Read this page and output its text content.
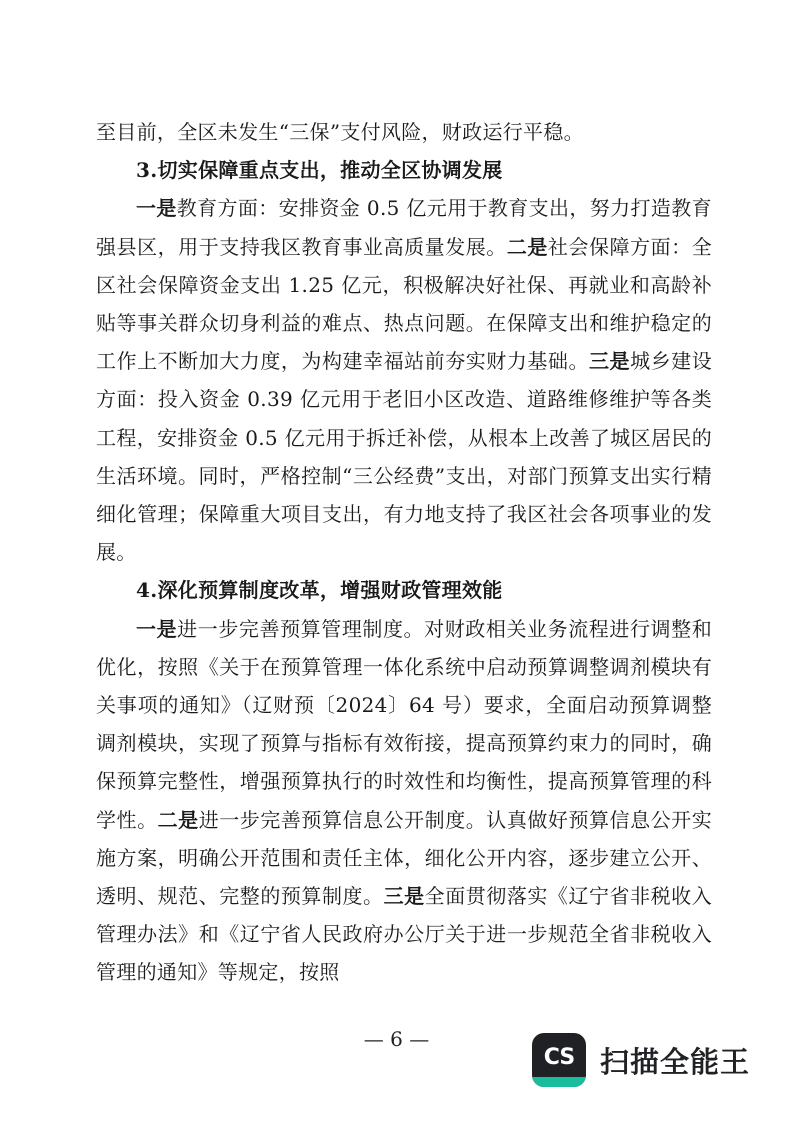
至目前，全区未发生“三保”支付风险，财政运行平稳。

3.切实保障重点支出，推动全区协调发展

一是教育方面：安排资金 0.5 亿元用于教育支出，努力打造教育强县区，用于支持我区教育事业高质量发展。二是社会保障方面：全区社会保障资金支出 1.25 亿元，积极解决好社保、再就业和高龄补贴等事关群众切身利益的难点、热点问题。在保障支出和维护稳定的工作上不断加大力度，为构建幸福站前夯实财力基础。三是城乡建设方面：投入资金 0.39 亿元用于老旧小区改造、道路维修维护等各类工程，安排资金 0.5 亿元用于拆迁补偿，从根本上改善了城区居民的生活环境。同时，严格控制“三公经费”支出，对部门预算支出实行精细化管理；保障重大项目支出，有力地支持了我区社会各项事业的发展。

4.深化预算制度改革，增强财政管理效能

一是进一步完善预算管理制度。对财政相关业务流程进行调整和优化，按照《关于在预算管理一体化系统中启动预算调整调剂模块有关事项的通知》（辽财预〔2024〕64 号）要求，全面启动预算调整调剂模块，实现了预算与指标有效衔接，提高预算约束力的同时，确保预算完整性，增强预算执行的时效性和均衡性，提高预算管理的科学性。二是进一步完善预算信息公开制度。认真做好预算信息公开实施方案，明确公开范围和责任主体，细化公开内容，逐步建立公开、透明、规范、完整的预算制度。三是全面贯彻落实《辽宁省非税收入管理办法》和《辽宁省人民政府办公厅关于进一步规范全省非税收入管理的通知》等规定，按照

— 6 —
CS 扫描全能王
